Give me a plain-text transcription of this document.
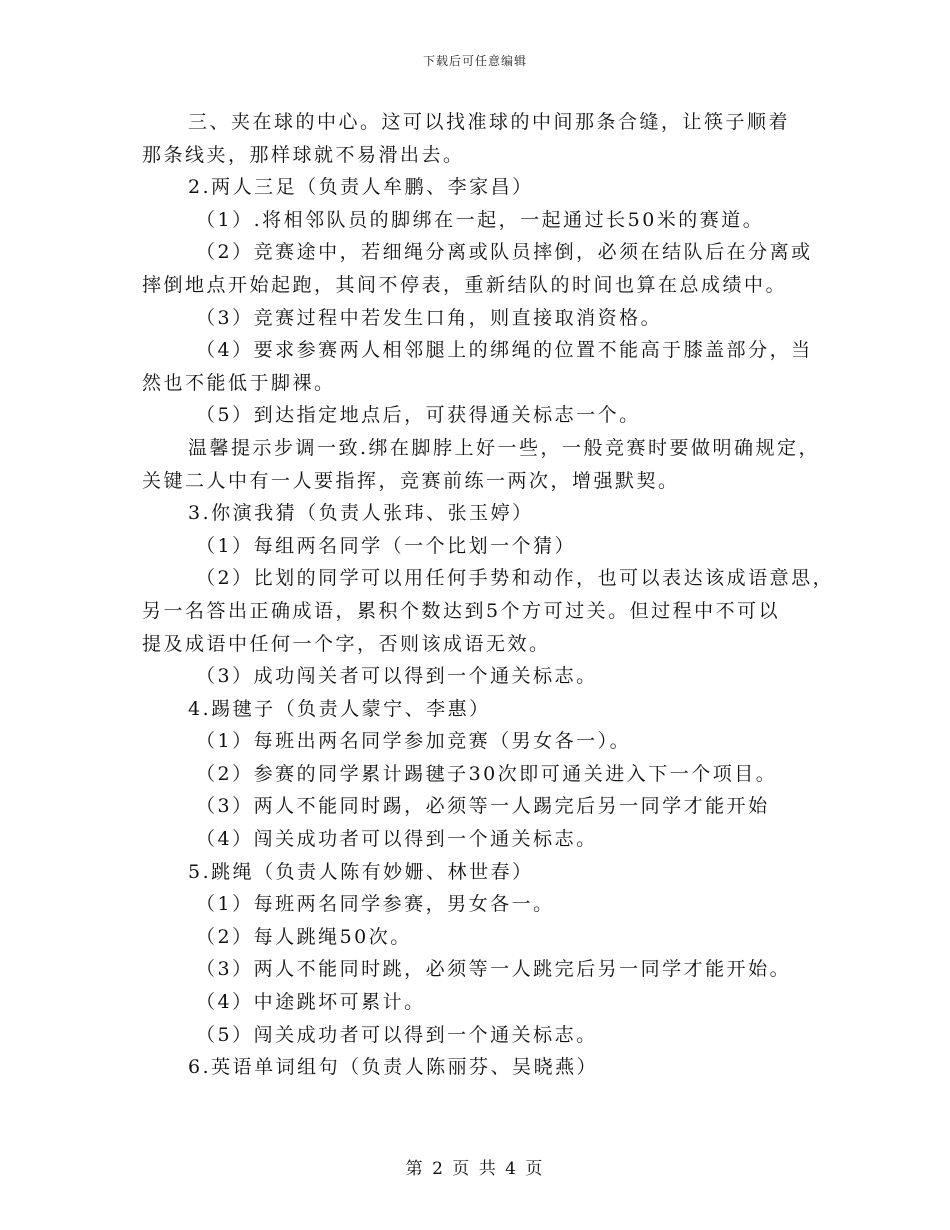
下载后可任意编辑

三、夹在球的中心。这可以找准球的中间那条合缝，让筷子顺着

那条线夹，那样球就不易滑出去。

2.两人三足（负责人牟鹏、李家昌）

（1）.将相邻队员的脚绑在一起，一起通过长50米的赛道。

（2）竞赛途中，若细绳分离或队员摔倒，必须在结队后在分离或

摔倒地点开始起跑，其间不停表，重新结队的时间也算在总成绩中。

（3）竞赛过程中若发生口角，则直接取消资格。

（4）要求参赛两人相邻腿上的绑绳的位置不能高于膝盖部分，当

然也不能低于脚裸。

（5）到达指定地点后，可获得通关标志一个。

温馨提示步调一致.绑在脚脖上好一些，一般竞赛时要做明确规定，

关键二人中有一人要指挥，竞赛前练一两次，增强默契。

3.你演我猜（负责人张玮、张玉婷）

（1）每组两名同学（一个比划一个猜）

（2）比划的同学可以用任何手势和动作，也可以表达该成语意思，

另一名答出正确成语，累积个数达到5个方可过关。但过程中不可以

提及成语中任何一个字，否则该成语无效。

（3）成功闯关者可以得到一个通关标志。

4.踢毽子（负责人蒙宁、李惠）

（1）每班出两名同学参加竞赛（男女各一）。

（2）参赛的同学累计踢毽子30次即可通关进入下一个项目。

（3）两人不能同时踢，必须等一人踢完后另一同学才能开始

（4）闯关成功者可以得到一个通关标志。

5.跳绳（负责人陈有妙姗、林世春）

（1）每班两名同学参赛，男女各一。

（2）每人跳绳50次。

（3）两人不能同时跳，必须等一人跳完后另一同学才能开始。

（4）中途跳坏可累计。

（5）闯关成功者可以得到一个通关标志。

6.英语单词组句（负责人陈丽芬、吴晓燕）

第 2 页 共 4 页
